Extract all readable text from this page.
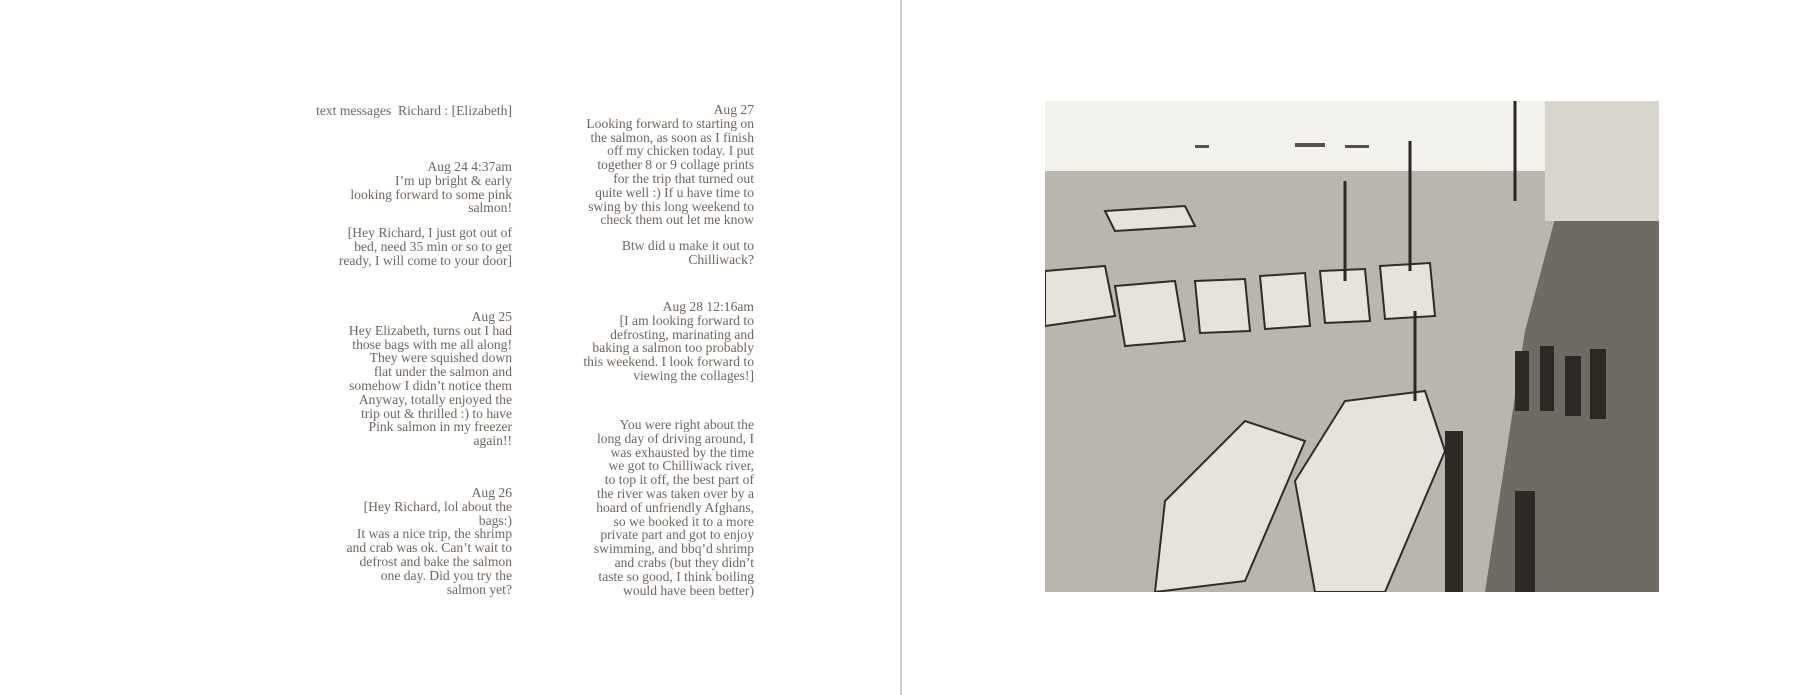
text messages  Richard : [Elizabeth]
Aug 24 4:37am
I’m up bright & early
looking forward to some pink
salmon!
[Hey Richard, I just got out of
bed, need 35 min or so to get
ready, I will come to your door]
Aug 25
Hey Elizabeth, turns out I had
those bags with me all along!
They were squished down
flat under the salmon and
somehow I didn’t notice them
Anyway, totally enjoyed the
trip out & thrilled :) to have
Pink salmon in my freezer
again!!
Aug 26
[Hey Richard, lol about the
bags:)
It was a nice trip, the shrimp
and crab was ok. Can’t wait to
defrost and bake the salmon
one day. Did you try the
salmon yet?
Aug 27
Looking forward to starting on
the salmon, as soon as I finish
off my chicken today. I put
together 8 or 9 collage prints
for the trip that turned out
quite well :) If u have time to
swing by this long weekend to
check them out let me know
Btw did u make it out to
Chilliwack?
Aug 28 12:16am
[I am looking forward to
defrosting, marinating and
baking a salmon too probably
this weekend. I look forward to
viewing the collages!]
You were right about the
long day of driving around, I
was exhausted by the time
we got to Chilliwack river,
to top it off, the best part of
the river was taken over by a
hoard of unfriendly Afghans,
so we booked it to a more
private part and got to enjoy
swimming, and bbq’d shrimp
and crabs (but they didn’t
taste so good, I think boiling
would have been better)
